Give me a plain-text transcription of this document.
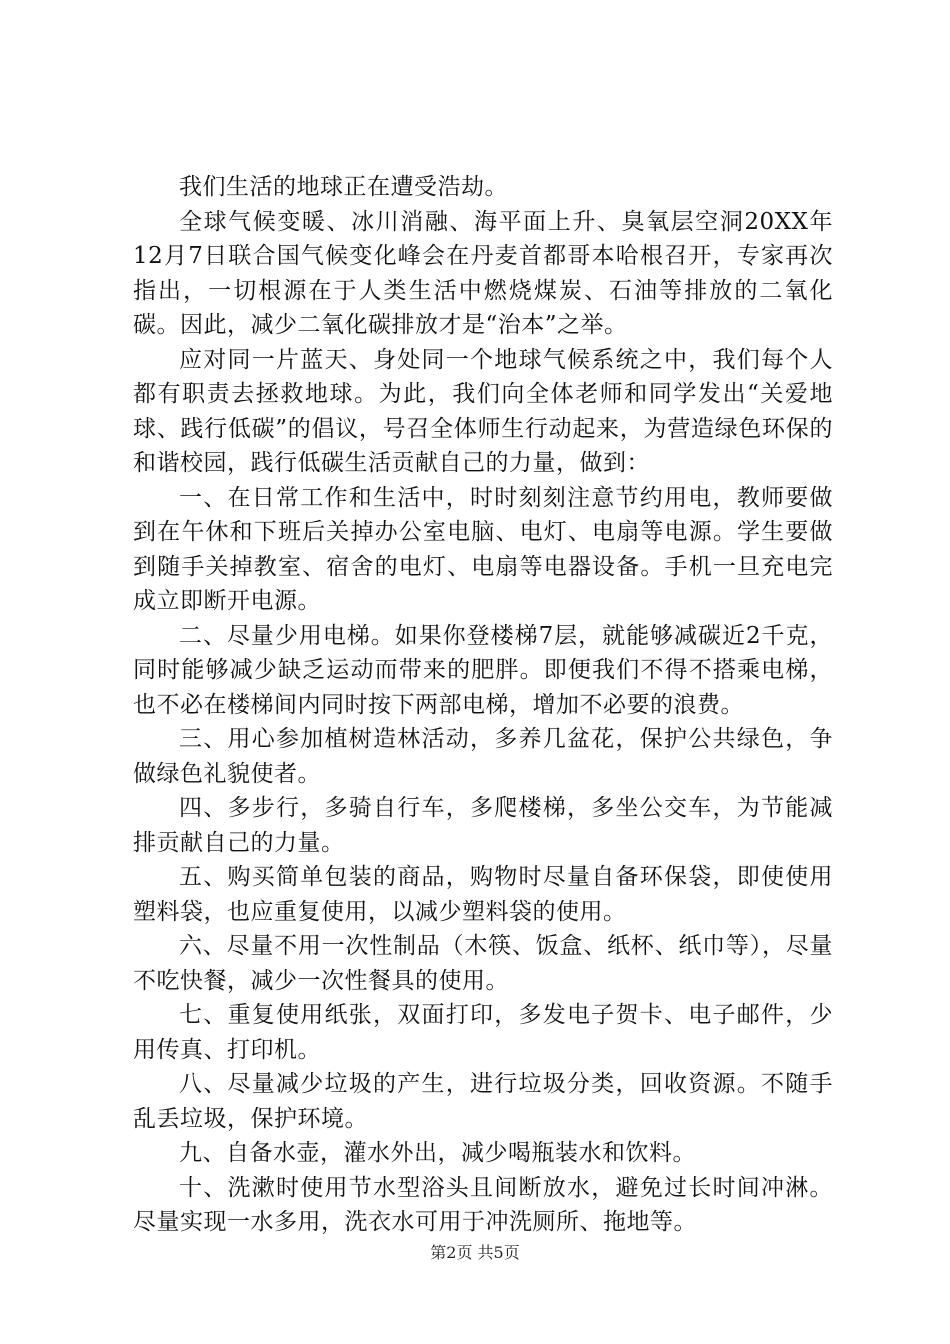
我们生活的地球正在遭受浩劫。

全球气候变暖、冰川消融、海平面上升、臭氧层空洞20XX年12月7日联合国气候变化峰会在丹麦首都哥本哈根召开，专家再次指出，一切根源在于人类生活中燃烧煤炭、石油等排放的二氧化碳。因此，减少二氧化碳排放才是“治本”之举。

应对同一片蓝天、身处同一个地球气候系统之中，我们每个人都有职责去拯救地球。为此，我们向全体老师和同学发出“关爱地球、践行低碳”的倡议，号召全体师生行动起来，为营造绿色环保的和谐校园，践行低碳生活贡献自己的力量，做到：

一、在日常工作和生活中，时时刻刻注意节约用电，教师要做到在午休和下班后关掉办公室电脑、电灯、电扇等电源。学生要做到随手关掉教室、宿舍的电灯、电扇等电器设备。手机一旦充电完成立即断开电源。

二、尽量少用电梯。如果你登楼梯7层，就能够减碳近2千克，同时能够减少缺乏运动而带来的肥胖。即便我们不得不搭乘电梯，也不必在楼梯间内同时按下两部电梯，增加不必要的浪费。

三、用心参加植树造林活动，多养几盆花，保护公共绿色，争做绿色礼貌使者。

四、多步行，多骑自行车，多爬楼梯，多坐公交车，为节能减排贡献自己的力量。

五、购买简单包装的商品，购物时尽量自备环保袋，即使使用塑料袋，也应重复使用，以减少塑料袋的使用。

六、尽量不用一次性制品（木筷、饭盒、纸杯、纸巾等），尽量不吃快餐，减少一次性餐具的使用。

七、重复使用纸张，双面打印，多发电子贺卡、电子邮件，少用传真、打印机。

八、尽量减少垃圾的产生，进行垃圾分类，回收资源。不随手乱丢垃圾，保护环境。

九、自备水壶，灌水外出，减少喝瓶装水和饮料。

十、洗漱时使用节水型浴头且间断放水，避免过长时间冲淋。尽量实现一水多用，洗衣水可用于冲洗厕所、拖地等。

第2页 共5页
